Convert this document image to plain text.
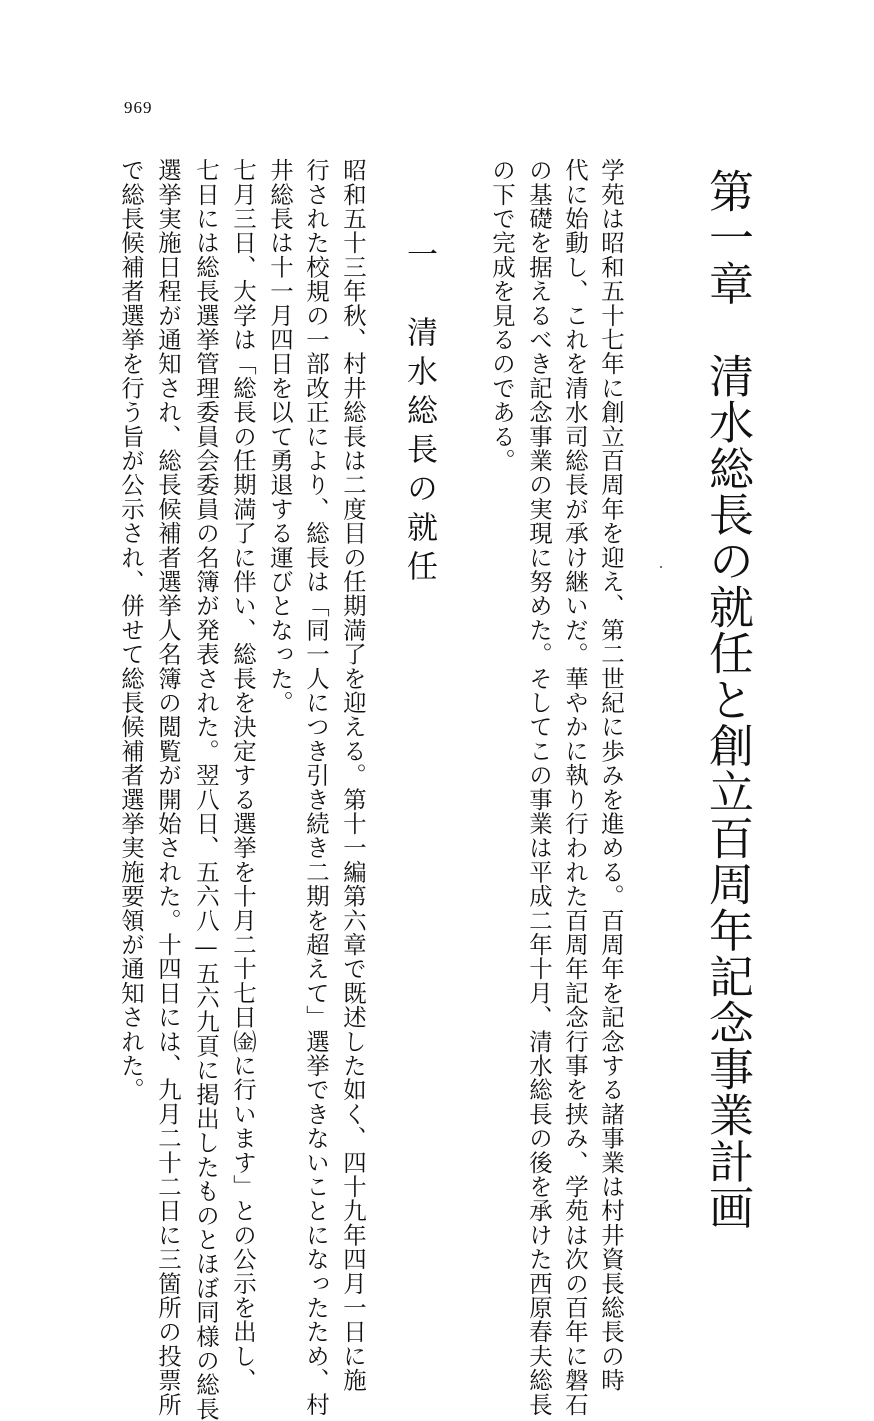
969
第一章　清水総長の就任と創立百周年記念事業計画
学苑は昭和五十七年に創立百周年を迎え、第二世紀に歩みを進める。百周年を記念する諸事業は村井資長総長の時
代に始動し、これを清水司総長が承け継いだ。華やかに執り行われた百周年記念行事を挟み、学苑は次の百年に磐石
の基礎を据えるべき記念事業の実現に努めた。そしてこの事業は平成二年十月、清水総長の後を承けた西原春夫総長
の下で完成を見るのである。
一　清水総長の就任
昭和五十三年秋、村井総長は二度目の任期満了を迎える。第十一編第六章で既述した如く、四十九年四月一日に施
行された校規の一部改正により、総長は「同一人につき引き続き二期を超えて」選挙できないことになったため、村
井総長は十一月四日を以て勇退する運びとなった。
七月三日、大学は「総長の任期満了に伴い、総長を決定する選挙を十月二十七日㈮に行います」との公示を出し、
七日には総長選挙管理委員会委員の名簿が発表された。翌八日、五六八—五六九頁に掲出したものとほぼ同様の総長
選挙実施日程が通知され、総長候補者選挙人名簿の閲覧が開始された。十四日には、九月二十二日に三箇所の投票所
で総長候補者選挙を行う旨が公示され、併せて総長候補者選挙実施要領が通知された。
